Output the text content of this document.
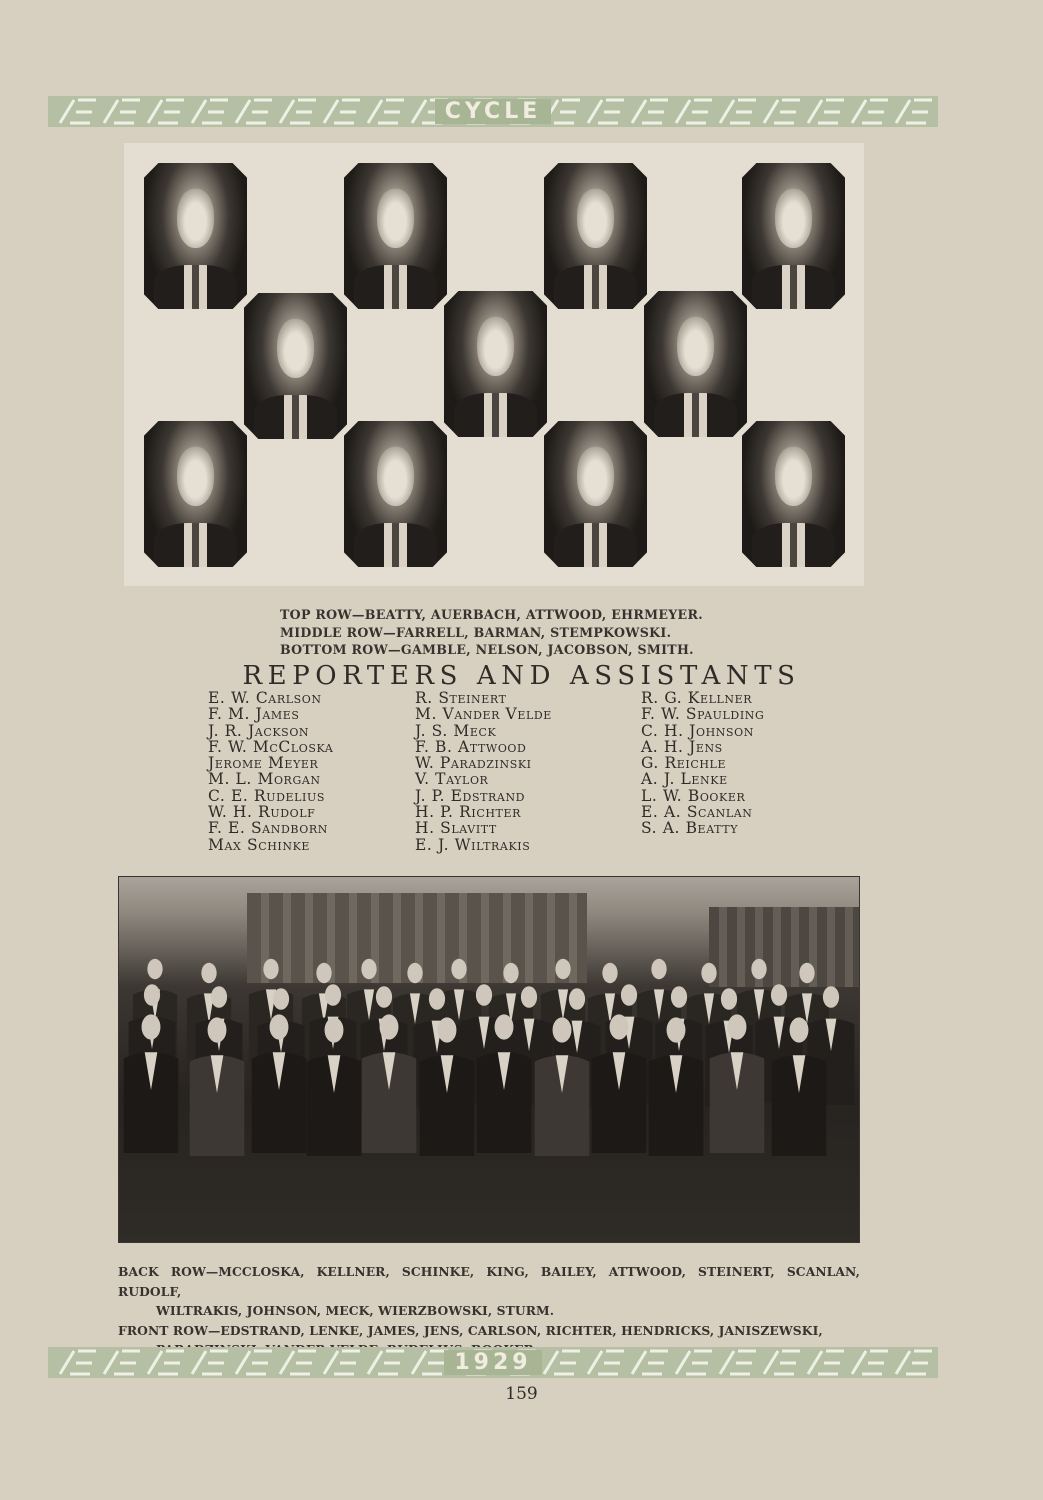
CYCLE
TOP ROW—BEATTY, AUERBACH, ATTWOOD, EHRMEYER.
MIDDLE ROW—FARRELL, BARMAN, STEMPKOWSKI.
BOTTOM ROW—GAMBLE, NELSON, JACOBSON, SMITH.
REPORTERS AND ASSISTANTS
E. W. Carlson
F. M. James
J. R. Jackson
F. W. McCloska
Jerome Meyer
M. L. Morgan
C. E. Rudelius
W. H. Rudolf
F. E. Sandborn
Max Schinke
R. Steinert
M. Vander Velde
J. S. Meck
F. B. Attwood
W. Paradzinski
V. Taylor
J. P. Edstrand
H. P. Richter
H. Slavitt
E. J. Wiltrakis
R. G. Kellner
F. W. Spaulding
C. H. Johnson
A. H. Jens
G. Reichle
A. J. Lenke
L. W. Booker
E. A. Scanlan
S. A. Beatty
BACK ROW—MCCLOSKA, KELLNER, SCHINKE, KING, BAILEY, ATTWOOD, STEINERT, SCANLAN, RUDOLF,
WILTRAKIS, JOHNSON, MECK, WIERZBOWSKI, STURM.
FRONT ROW—EDSTRAND, LENKE, JAMES, JENS, CARLSON, RICHTER, HENDRICKS, JANISZEWSKI,
1929
159
